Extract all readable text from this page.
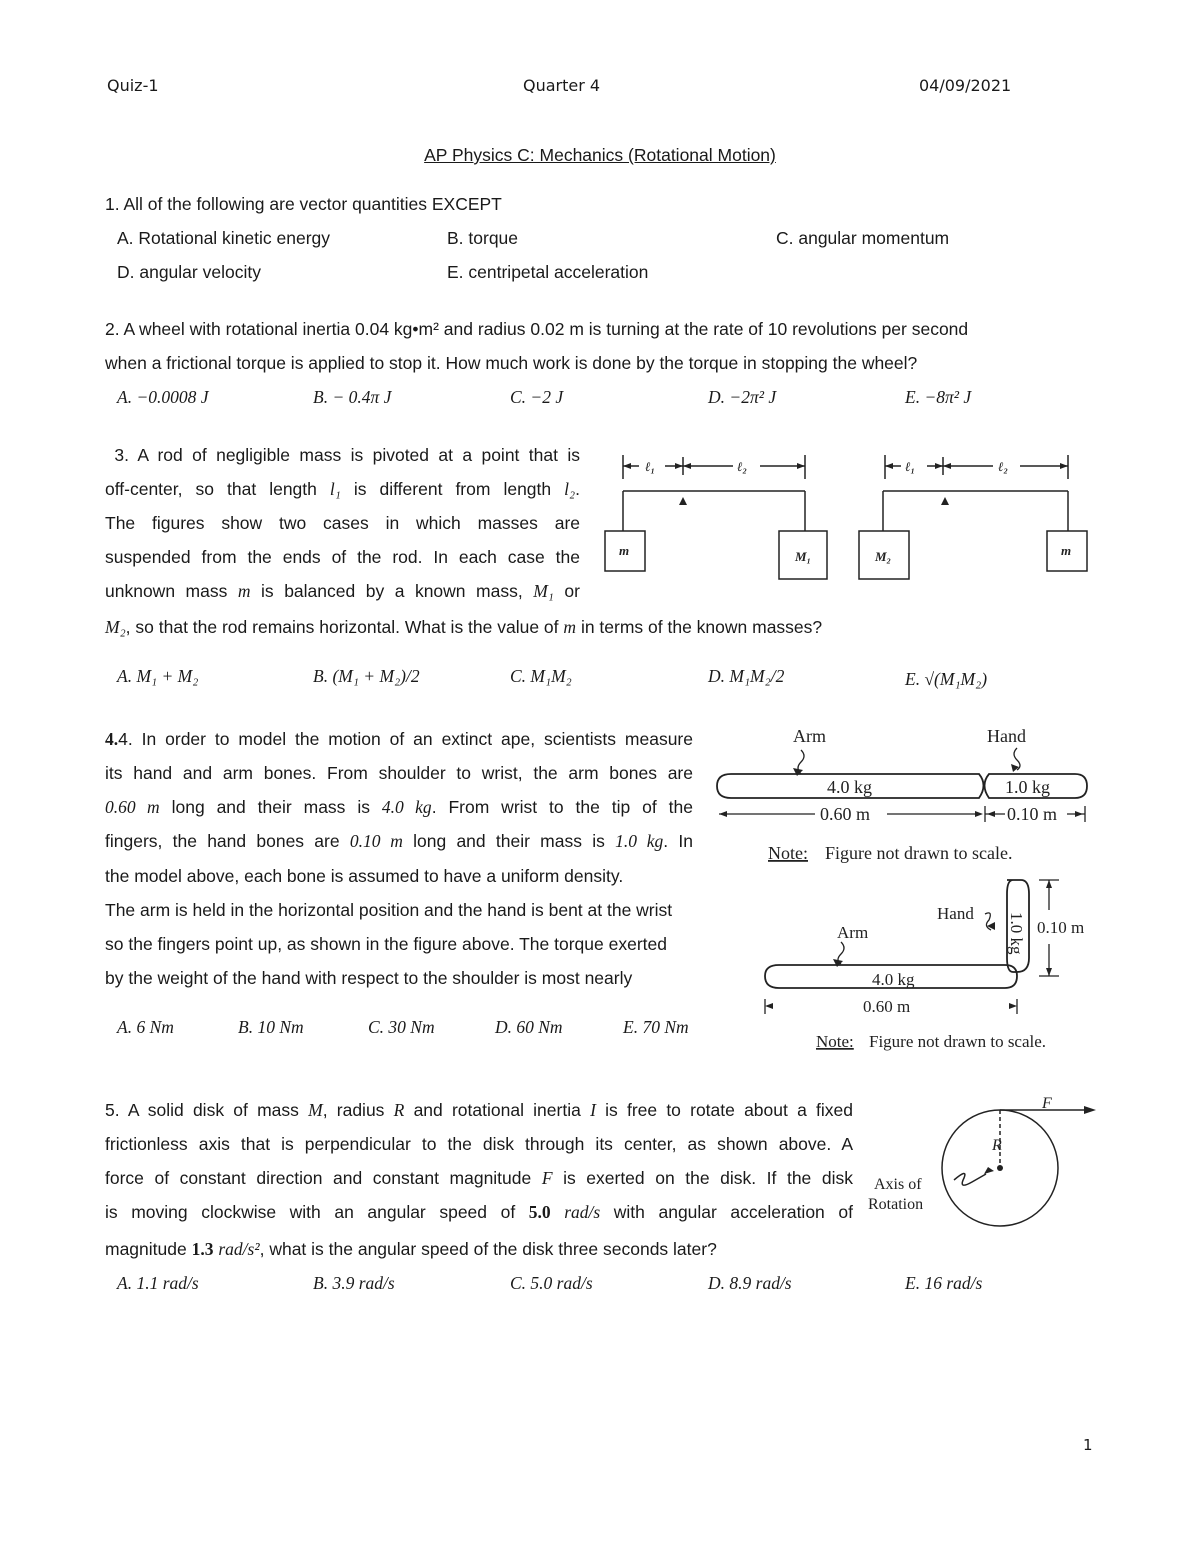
Quiz-1	Quarter 4	04/09/2021
AP Physics C: Mechanics (Rotational Motion)
1. All of the following are vector quantities EXCEPT
A. Rotational kinetic energy	B. torque	C. angular momentum
D. angular velocity	E. centripetal acceleration
2. A wheel with rotational inertia 0.04 kg•m² and radius 0.02 m is turning at the rate of 10 revolutions per second
when a frictional torque is applied to stop it. How much work is done by the torque in stopping the wheel?
A. −0.0008 J	B. − 0.4π J	C. −2 J	D. −2π² J	E. −8π² J
3. A rod of negligible mass is pivoted at a point that is
off-center, so that length l₁ is different from length l₂.
The figures show two cases in which masses are
suspended from the ends of the rod. In each case the
unknown mass m is balanced by a known mass, M₁ or
M₂, so that the rod remains horizontal. What is the value of m in terms of the known masses?
A. M₁ + M₂	B. (M₁ + M₂)/2	C. M₁M₂	D. M₁M₂/2	E. √(M₁M₂)
ℓ₁	ℓ₂	ℓ₁	ℓ₂
m	M₁	M₂	m
4.4. In order to model the motion of an extinct ape, scientists measure
its hand and arm bones. From shoulder to wrist, the arm bones are
0.60 m long and their mass is 4.0 kg. From wrist to the tip of the
fingers, the hand bones are 0.10 m long and their mass is 1.0 kg. In
the model above, each bone is assumed to have a uniform density.
The arm is held in the horizontal position and the hand is bent at the wrist
so the fingers point up, as shown in the figure above. The torque exerted
by the weight of the hand with respect to the shoulder is most nearly
A. 6 Nm	B. 10 Nm	C. 30 Nm	D. 60 Nm	E. 70 Nm
Arm	Hand
4.0 kg	1.0 kg
0.60 m	0.10 m
Note: Figure not drawn to scale.
Hand
Arm	0.10 m
4.0 kg
1.0 kg
0.60 m
Note: Figure not drawn to scale.
5. A solid disk of mass M, radius R and rotational inertia I is free to rotate about a fixed
frictionless axis that is perpendicular to the disk through its center, as shown above. A
force of constant direction and constant magnitude F is exerted on the disk. If the disk
is moving clockwise with an angular speed of 5.0 rad/s with angular acceleration of
magnitude 1.3 rad/s², what is the angular speed of the disk three seconds later?
A. 1.1 rad/s	B. 3.9 rad/s	C. 5.0 rad/s	D. 8.9 rad/s	E. 16 rad/s
F
R
Axis of
Rotation
1
